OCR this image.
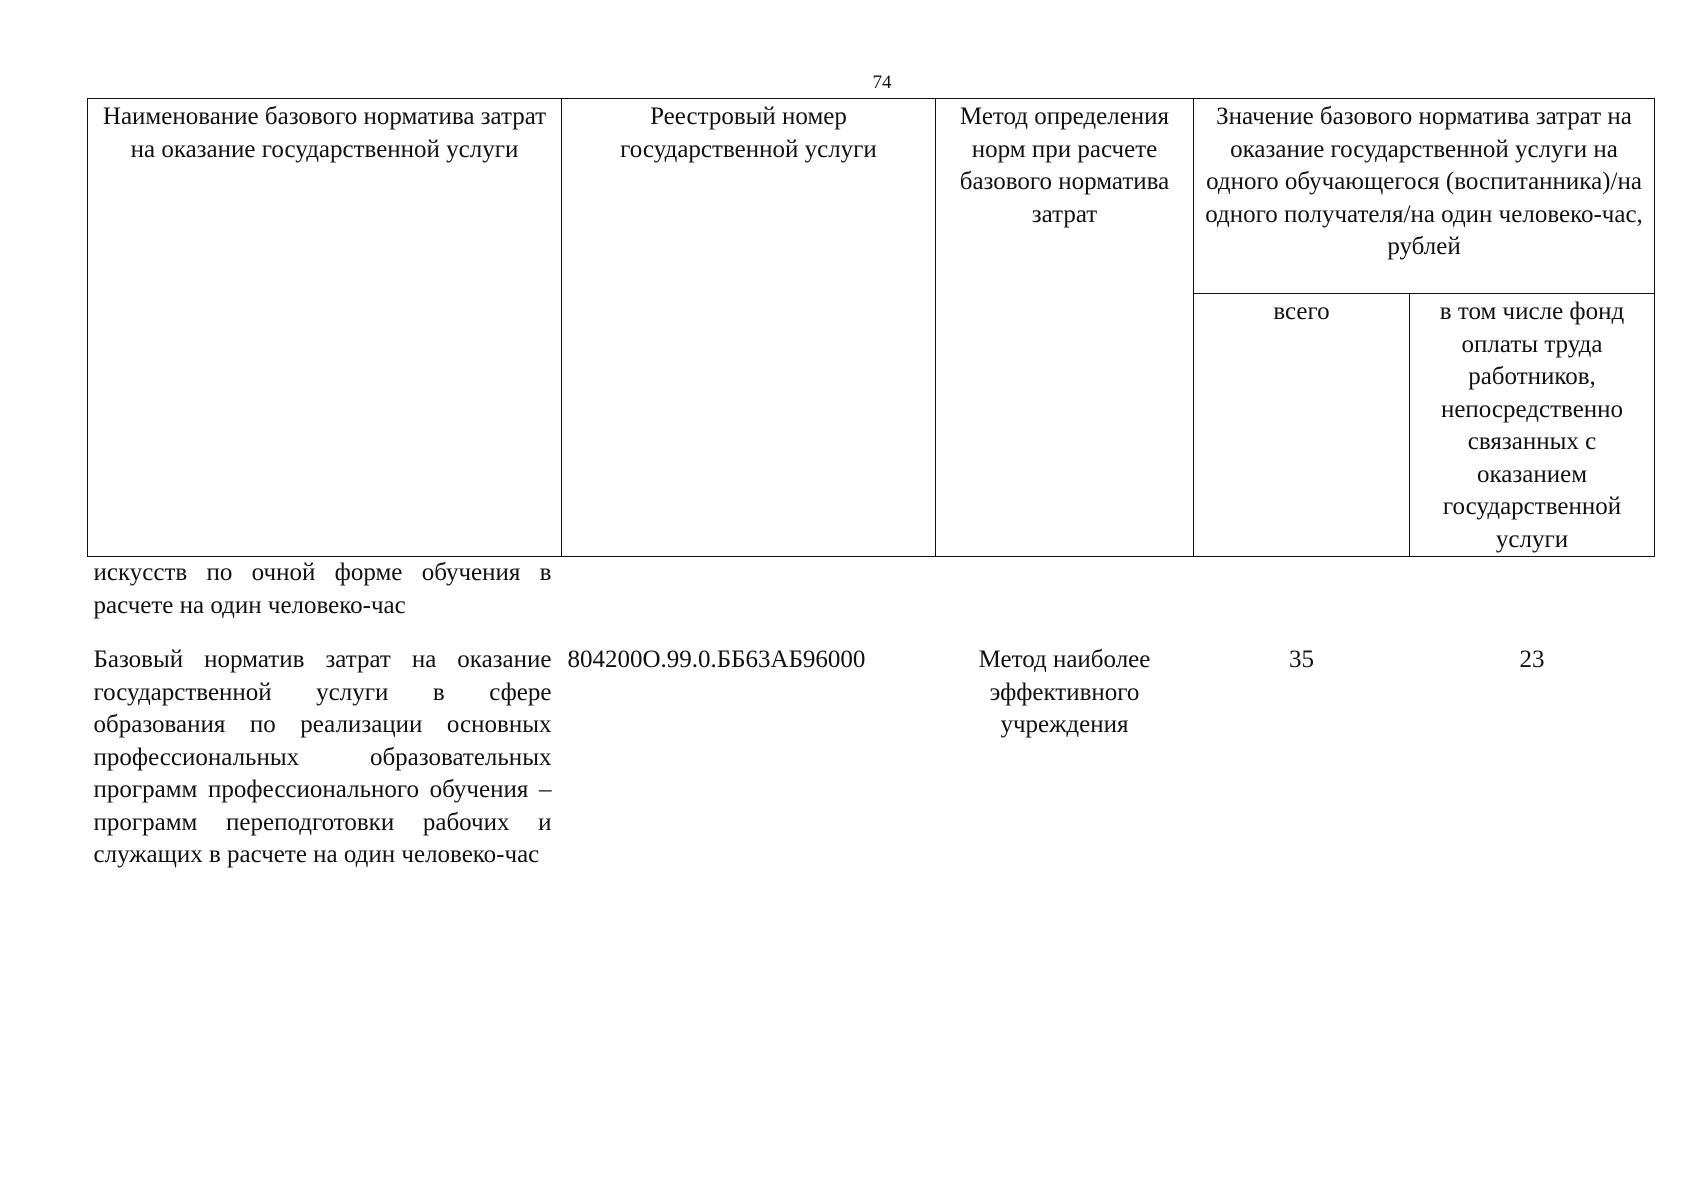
74
Наименование базового норматива затрат на оказание государственной услуги	Реестровый номер государственной услуги	Метод определения норм при расчете базового норматива затрат	Значение базового норматива затрат на оказание государственной услуги на одного обучающегося (воспитанника)/на одного получателя/на один человеко-час, рублей	
			всего	в том числе фонд оплаты труда работников, непосредственно связанных с оказанием государственной услуги
искусств по очной форме обучения в расчете на один человеко-час				
Базовый норматив затрат на оказание государственной услуги в сфере образования по реализации основных профессиональных образовательных программ профессионального обучения – программ переподготовки рабочих и служащих в расчете на один человеко-час	804200О.99.0.ББ63АБ96000	Метод наиболее эффективного учреждения	35	23
